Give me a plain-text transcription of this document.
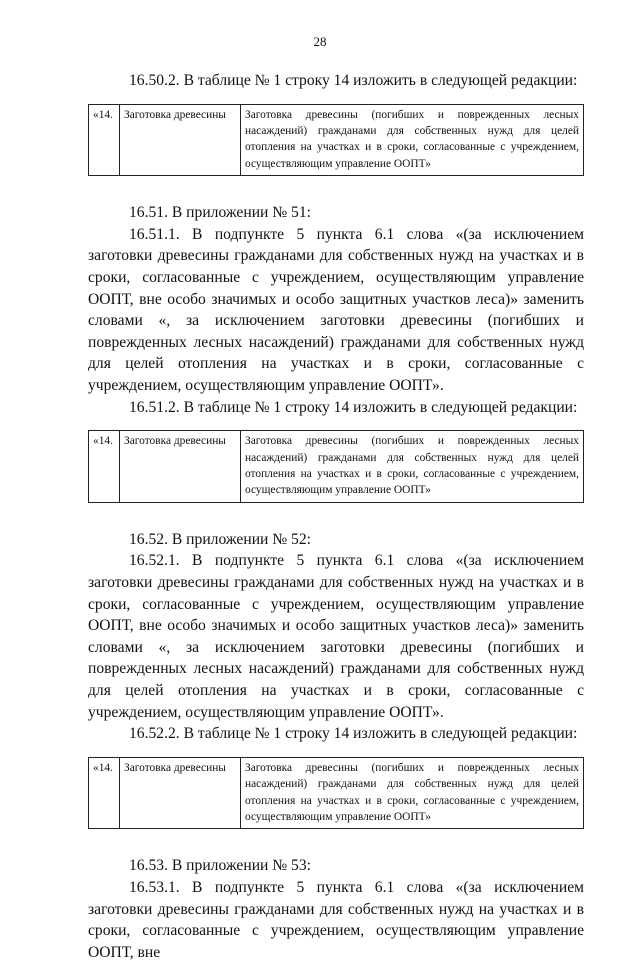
28

16.50.2. В таблице № 1 строку 14 изложить в следующей редакции:

«14.	Заготовка древесины	Заготовка древесины (погибших и поврежденных лесных насаждений) гражданами для собственных нужд для целей отопления на участках и в сроки, согласованные с учреждением, осуществляющим управление ООПТ»

16.51. В приложении № 51:

16.51.1. В подпункте 5 пункта 6.1 слова «(за исключением заготовки древесины гражданами для собственных нужд на участках и в сроки, согласованные с учреждением, осуществляющим управление ООПТ, вне особо значимых и особо защитных участков леса)» заменить словами «, за исключением заготовки древесины (погибших и поврежденных лесных насаждений) гражданами для собственных нужд для целей отопления на участках и в сроки, согласованные с учреждением, осуществляющим управление ООПТ».

16.51.2. В таблице № 1 строку 14 изложить в следующей редакции:

«14.	Заготовка древесины	Заготовка древесины (погибших и поврежденных лесных насаждений) гражданами для собственных нужд для целей отопления на участках и в сроки, согласованные с учреждением, осуществляющим управление ООПТ»

16.52. В приложении № 52:

16.52.1. В подпункте 5 пункта 6.1 слова «(за исключением заготовки древесины гражданами для собственных нужд на участках и в сроки, согласованные с учреждением, осуществляющим управление ООПТ, вне особо значимых и особо защитных участков леса)» заменить словами «, за исключением заготовки древесины (погибших и поврежденных лесных насаждений) гражданами для собственных нужд для целей отопления на участках и в сроки, согласованные с учреждением, осуществляющим управление ООПТ».

16.52.2. В таблице № 1 строку 14 изложить в следующей редакции:

«14.	Заготовка древесины	Заготовка древесины (погибших и поврежденных лесных насаждений) гражданами для собственных нужд для целей отопления на участках и в сроки, согласованные с учреждением, осуществляющим управление ООПТ»

16.53. В приложении № 53:

16.53.1. В подпункте 5 пункта 6.1 слова «(за исключением заготовки древесины гражданами для собственных нужд на участках и в сроки, согласованные с учреждением, осуществляющим управление ООПТ, вне
